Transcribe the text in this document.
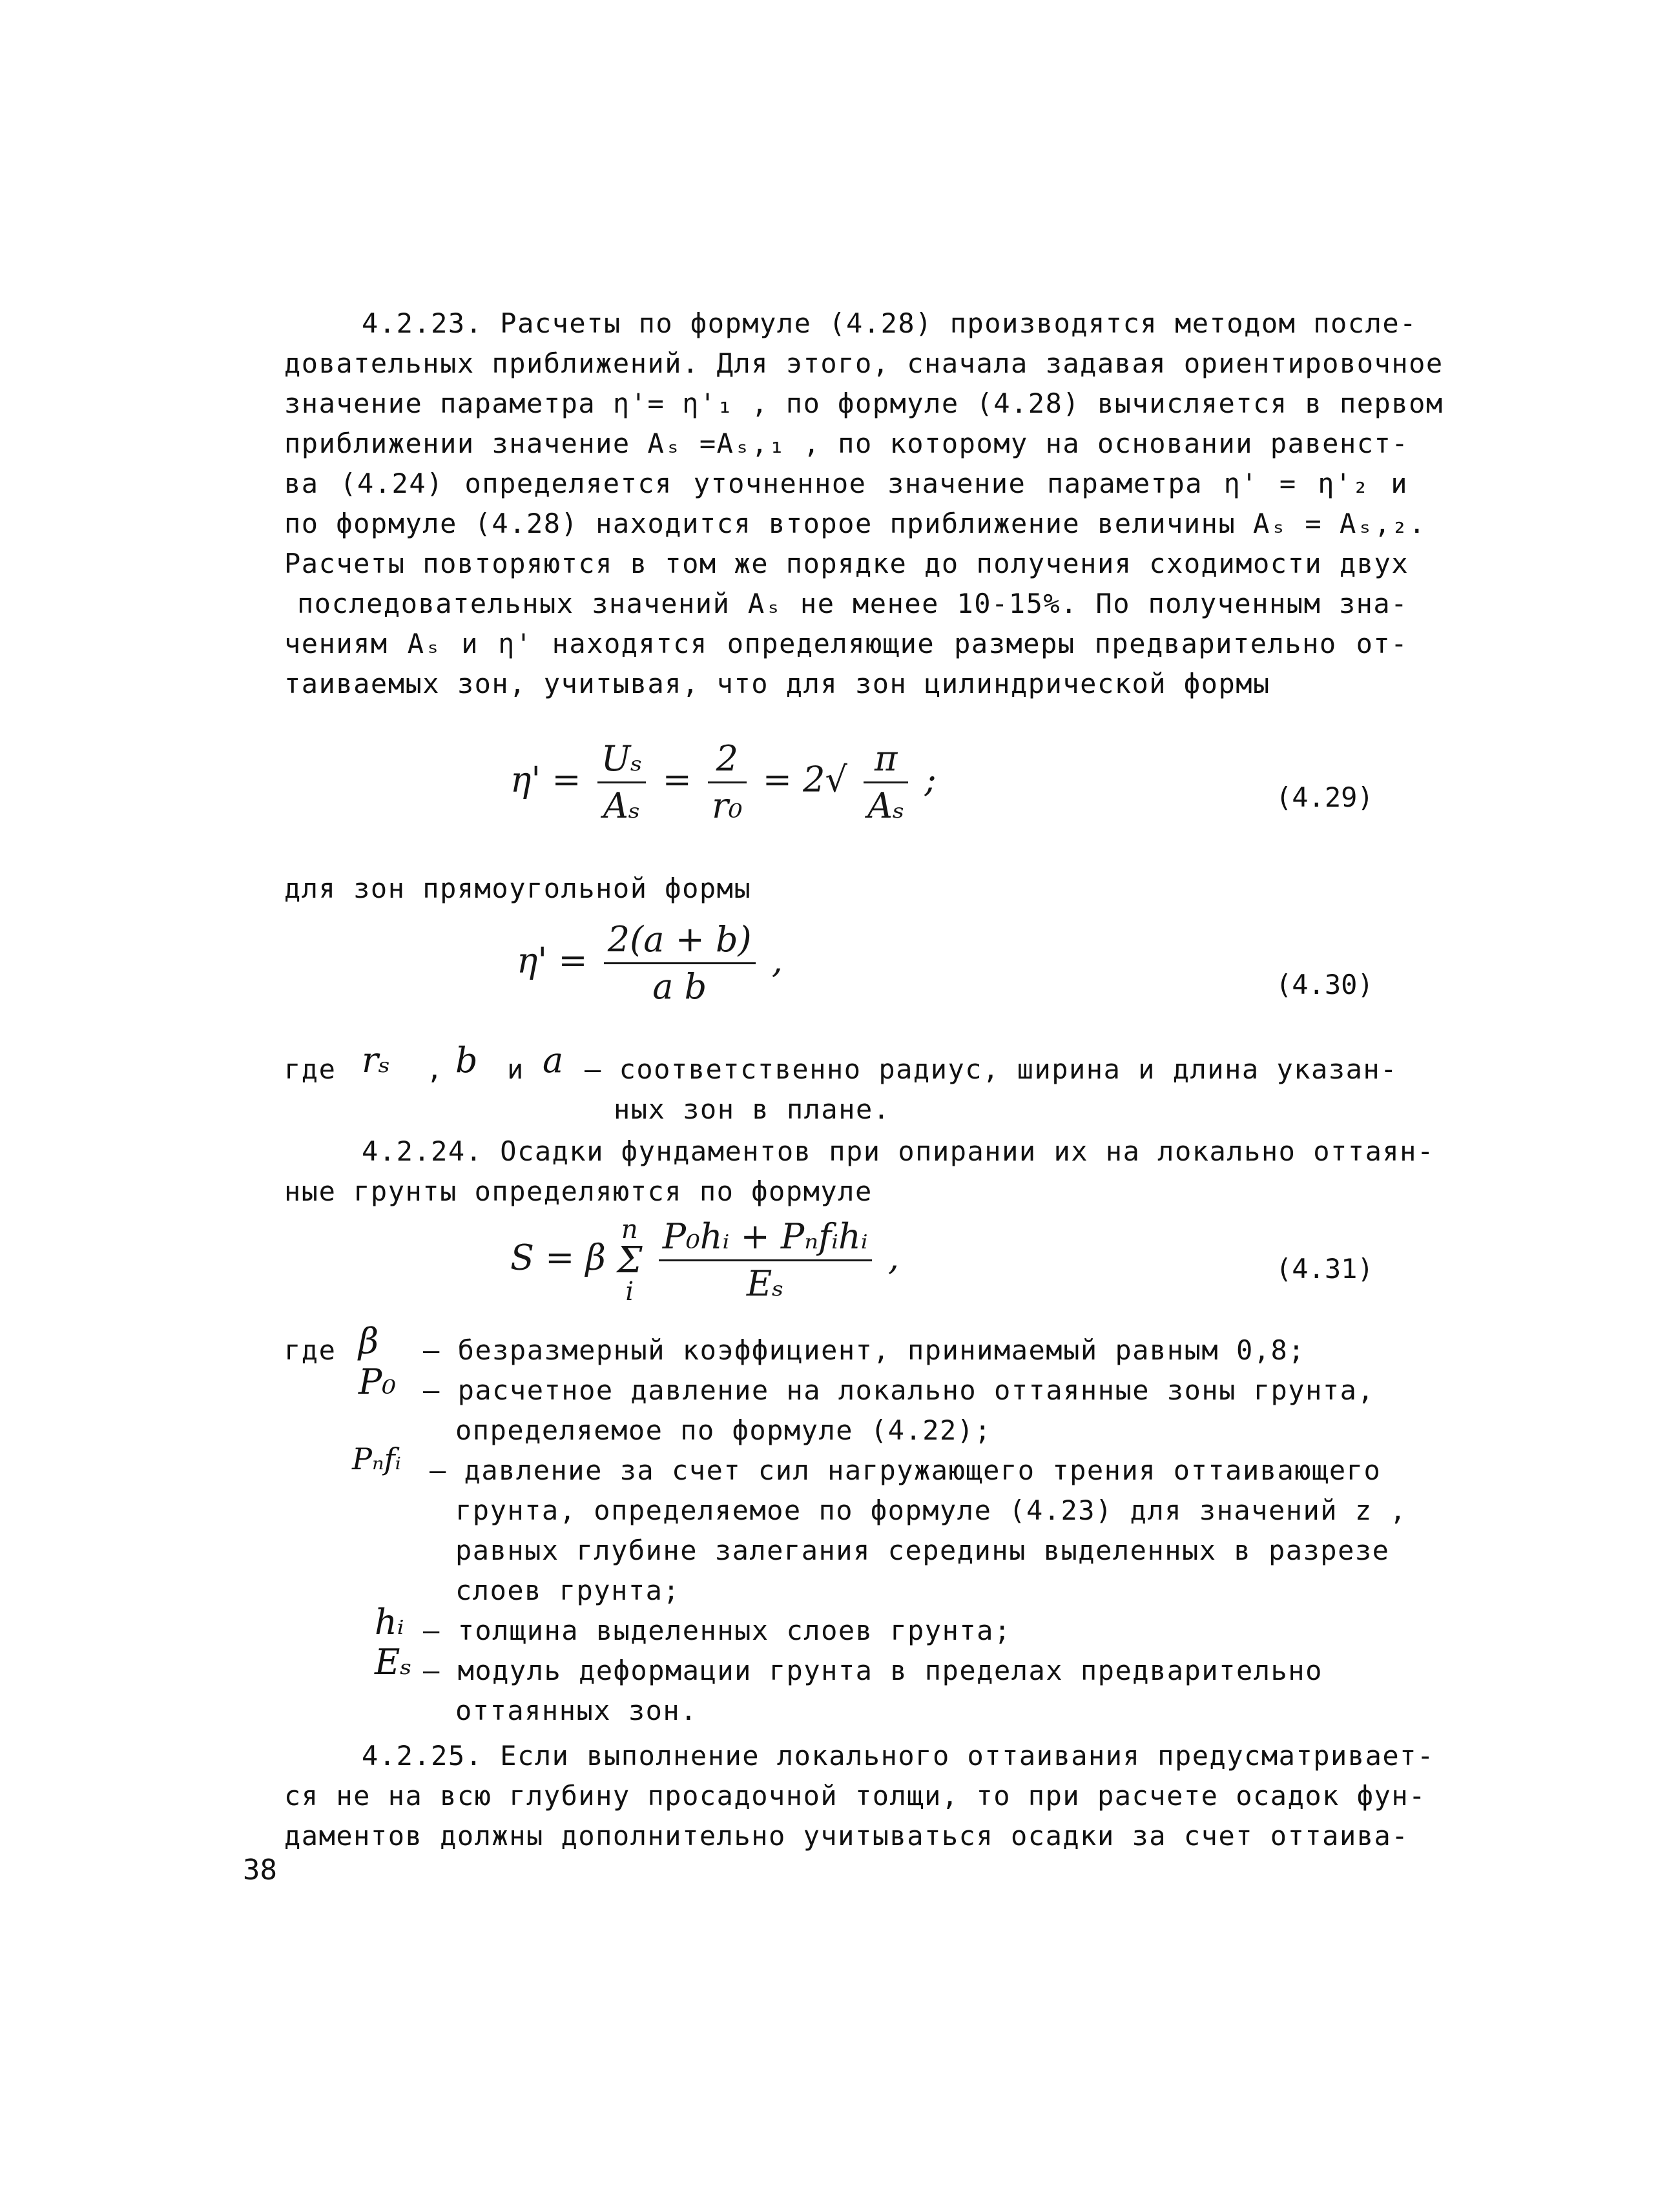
4.2.23. Расчеты по формуле (4.28) производятся методом после-
довательных приближений. Для этого, сначала задавая ориентировочное
значение параметра η'= η'₁ , по формуле (4.28) вычисляется в первом
приближении значение Aₛ =Aₛ,₁ , по которому на основании равенст-
ва (4.24) определяется уточненное значение параметра η' = η'₂ и
по формуле (4.28) находится второе приближение величины Aₛ = Aₛ,₂.
Расчеты повторяются в том же порядке до получения сходимости двух
последовательных значений Aₛ не менее 10-15%. По полученным зна-
чениям Aₛ и η' находятся определяющие размеры предварительно от-
таиваемых зон, учитывая, что для зон цилиндрической формы
$\eta' = \frac{\text{Uₛ}}{\text{Aₛ}} = \frac{2}{\text{r₀}} = 2√ \frac{\pi}{\text{Aₛ}}$ ;	(4.29)
для зон прямоугольной формы
$\eta' = \frac{2(a + b)}{\text{a b}}$ ,
(4.30)
где rₛ , b и a – соответственно радиус, ширина и длина указан-
ных зон в плане.
4.2.24. Осадки фундаментов при опирании их на локально оттаян-
ные грунты определяются по формуле
S = β
n
Σ
i
$\frac{\text{P₀hᵢ + Pₙfᵢhᵢ}}{\text{Eₛ}}$ ,	(4.31)
где β – безразмерный коэффициент, принимаемый равным 0,8;
P₀ – расчетное давление на локально оттаянные зоны грунта,
определяемое по формуле (4.22);
Pₙfᵢ – давление за счет сил нагружающего трения оттаивающего
грунта, определяемое по формуле (4.23) для значений z ,
равных глубине залегания середины выделенных в разрезе
слоев грунта;
hᵢ – толщина выделенных слоев грунта;
Eₛ – модуль деформации грунта в пределах предварительно
оттаянных зон.
4.2.25. Если выполнение локального оттаивания предусматривает-
ся не на всю глубину просадочной толщи, то при расчете осадок фун-
даментов должны дополнительно учитываться осадки за счет оттаива-
38
